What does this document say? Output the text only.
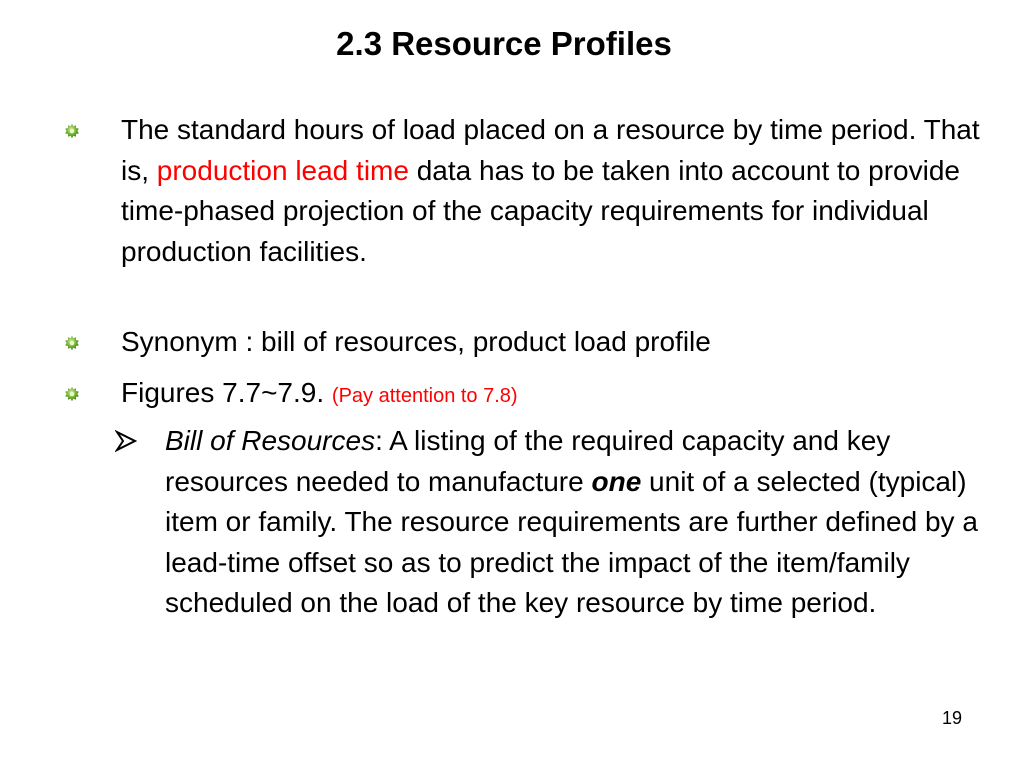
2.3 Resource Profiles
The standard hours of load placed on a resource by time period. That is, production lead time data has to be taken into account to provide time-phased projection of the capacity requirements for individual production facilities.
Synonym : bill of resources, product load profile
Figures 7.7~7.9. (Pay attention to 7.8)
Bill of Resources: A listing of the required capacity and key resources needed to manufacture one unit of a selected (typical) item or family. The resource requirements are further defined by a lead-time offset so as to predict the impact of the item/family scheduled on the load of the key resource by time period.
19
